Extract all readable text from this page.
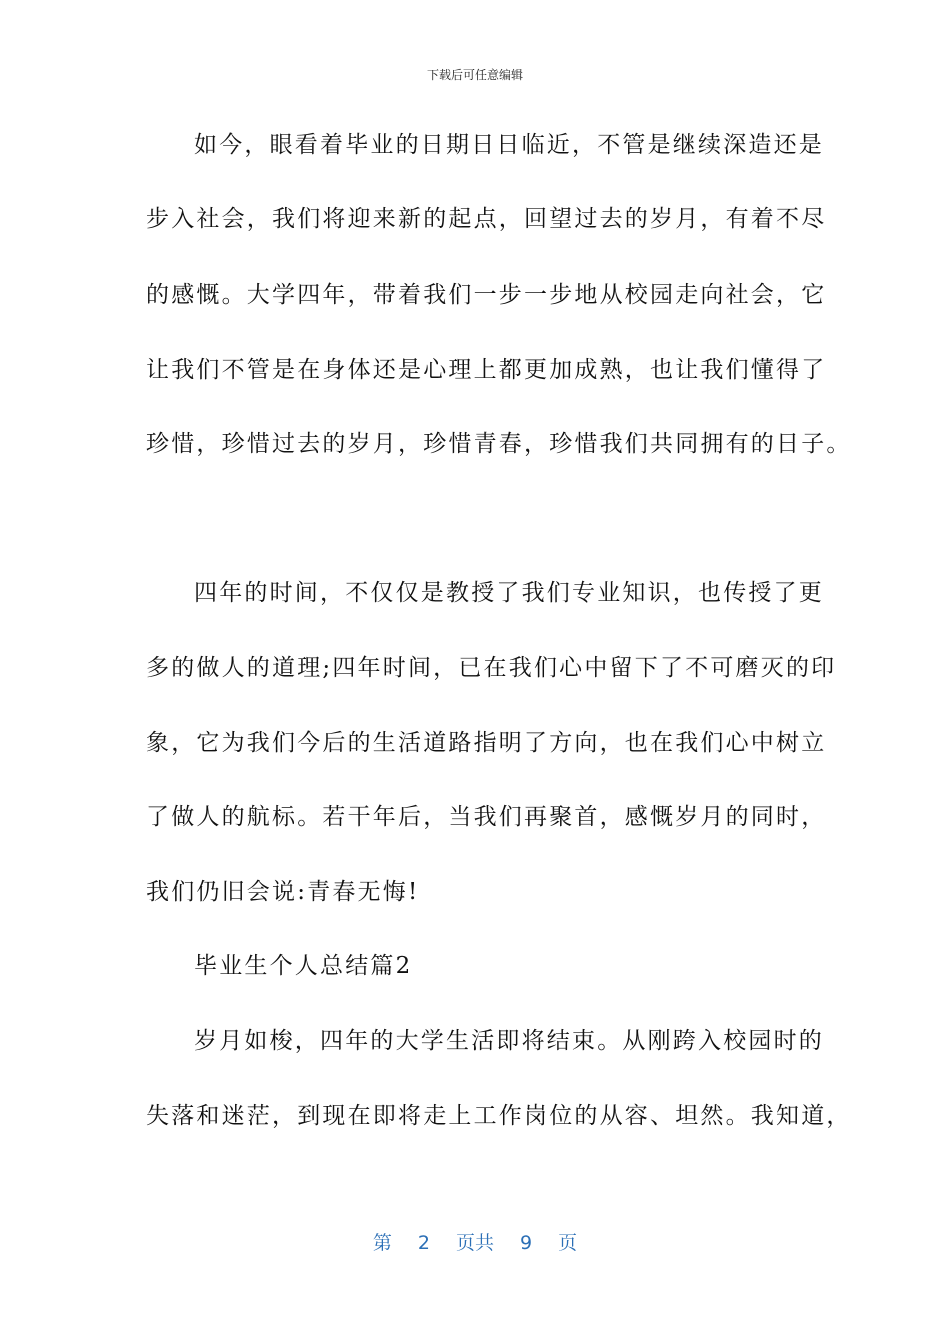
下载后可任意编辑
如今，眼看着毕业的日期日日临近，不管是继续深造还是
步入社会，我们将迎来新的起点，回望过去的岁月，有着不尽
的感慨。大学四年，带着我们一步一步地从校园走向社会，它
让我们不管是在身体还是心理上都更加成熟，也让我们懂得了
珍惜，珍惜过去的岁月，珍惜青春，珍惜我们共同拥有的日子。
四年的时间，不仅仅是教授了我们专业知识，也传授了更
多的做人的道理;四年时间，已在我们心中留下了不可磨灭的印
象，它为我们今后的生活道路指明了方向，也在我们心中树立
了做人的航标。若干年后，当我们再聚首，感慨岁月的同时，
我们仍旧会说:青春无悔!
毕业生个人总结篇2
岁月如梭，四年的大学生活即将结束。从刚跨入校园时的
失落和迷茫，到现在即将走上工作岗位的从容、坦然。我知道，
第 2 页共 9 页
